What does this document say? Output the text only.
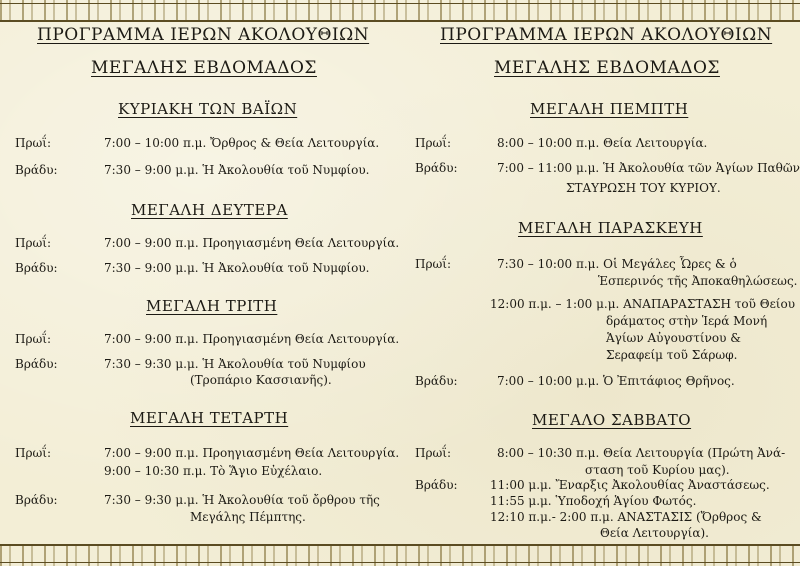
ΠΡΟΓΡΑΜΜΑ ΙΕΡΩΝ ΑΚΟΛΟΥΘΙΩΝ
ΜΕΓΑΛΗΣ ΕΒΔΟΜΑΔΟΣ
ΚΥΡΙΑΚΗ ΤΩΝ ΒΑΪΩΝ
Πρωΐ:	7:00 – 10:00 π.μ. Ὄρθρος & Θεία Λειτουργία.
Βράδυ:	7:30 – 9:00 μ.μ. Ἡ Ἀκολουθία τοῦ Νυμφίου.
ΜΕΓΑΛΗ ΔΕΥΤΕΡΑ
Πρωΐ:	7:00 – 9:00 π.μ. Προηγιασμένη Θεία Λειτουργία.
Βράδυ:	7:30 – 9:00 μ.μ. Ἡ Ἀκολουθία τοῦ Νυμφίου.
ΜΕΓΑΛΗ ΤΡΙΤΗ
Πρωΐ:	7:00 – 9:00 π.μ. Προηγιασμένη Θεία Λειτουργία.
Βράδυ:	7:30 – 9:30 μ.μ. Ἡ Ἀκολουθία τοῦ Νυμφίου
(Τροπάριο Κασσιανῆς).
ΜΕΓΑΛΗ ΤΕΤΑΡΤΗ
Πρωΐ:	7:00 – 9:00 π.μ. Προηγιασμένη Θεία Λειτουργία.
9:00 – 10:30 π.μ. Τὸ Ἅγιο Εὐχέλαιο.
Βράδυ:	7:30 – 9:30 μ.μ. Ἡ Ἀκολουθία τοῦ ὄρθρου τῆς
Μεγάλης Πέμπτης.
ΠΡΟΓΡΑΜΜΑ ΙΕΡΩΝ ΑΚΟΛΟΥΘΙΩΝ
ΜΕΓΑΛΗΣ ΕΒΔΟΜΑΔΟΣ
ΜΕΓΑΛΗ ΠΕΜΠΤΗ
Πρωΐ:	8:00 – 10:00 π.μ. Θεία Λειτουργία.
Βράδυ:	7:00 – 11:00 μ.μ. Ἡ Ἀκολουθία τῶν Ἁγίων Παθῶν
ΣΤΑΥΡΩΣΗ ΤΟΥ ΚΥΡΙΟΥ.
ΜΕΓΑΛΗ ΠΑΡΑΣΚΕΥΗ
Πρωΐ:	7:30 – 10:00 π.μ. Οἱ Μεγάλες Ὧρες & ὁ
Ἑσπερινός τῆς Ἀποκαθηλώσεως.
12:00 π.μ. – 1:00 μ.μ. ΑΝΑΠΑΡΑΣΤΑΣΗ τοῦ Θείου
δράματος στὴν Ἱερά Μονή
Ἁγίων Αὐγουστίνου &
Σεραφείμ τοῦ Σάρωφ.
Βράδυ:	7:00 – 10:00 μ.μ. Ὁ Ἐπιτάφιος Θρῆνος.
ΜΕΓΑΛΟ ΣΑΒΒΑΤΟ
Πρωΐ:	8:00 – 10:30 π.μ. Θεία Λειτουργία (Πρώτη Ἀνά-
σταση τοῦ Κυρίου μας).
Βράδυ:	11:00 μ.μ. Ἔναρξις Ἀκολουθίας Ἀναστάσεως.
11:55 μ.μ. Ὑποδοχή Ἁγίου Φωτός.
12:10 π.μ.- 2:00 π.μ. ΑΝΑΣΤΑΣΙΣ (Ὄρθρος &
Θεία Λειτουργία).
